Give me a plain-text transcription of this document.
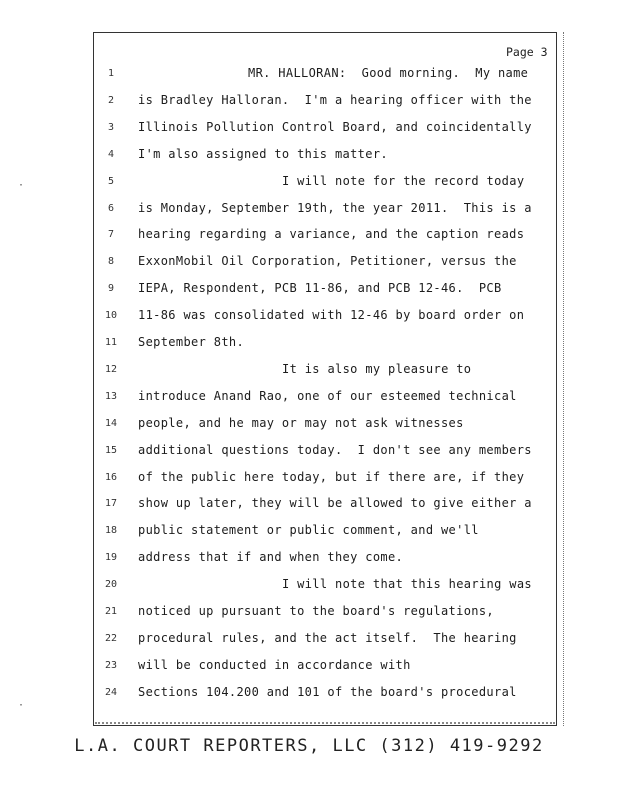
·
·
Page 3
1	MR. HALLORAN:  Good morning.  My name
2	is Bradley Halloran.  I'm a hearing officer with the
3	Illinois Pollution Control Board, and coincidentally
4	I'm also assigned to this matter.
5	I will note for the record today
6	is Monday, September 19th, the year 2011.  This is a
7	hearing regarding a variance, and the caption reads
8	ExxonMobil Oil Corporation, Petitioner, versus the
9	IEPA, Respondent, PCB 11-86, and PCB 12-46.  PCB
10	11-86 was consolidated with 12-46 by board order on
11	September 8th.
12	It is also my pleasure to
13	introduce Anand Rao, one of our esteemed technical
14	people, and he may or may not ask witnesses
15	additional questions today.  I don't see any members
16	of the public here today, but if there are, if they
17	show up later, they will be allowed to give either a
18	public statement or public comment, and we'll
19	address that if and when they come.
20	I will note that this hearing was
21	noticed up pursuant to the board's regulations,
22	procedural rules, and the act itself.  The hearing
23	will be conducted in accordance with
24	Sections 104.200 and 101 of the board's procedural
L.A. COURT REPORTERS, LLC (312) 419-9292
